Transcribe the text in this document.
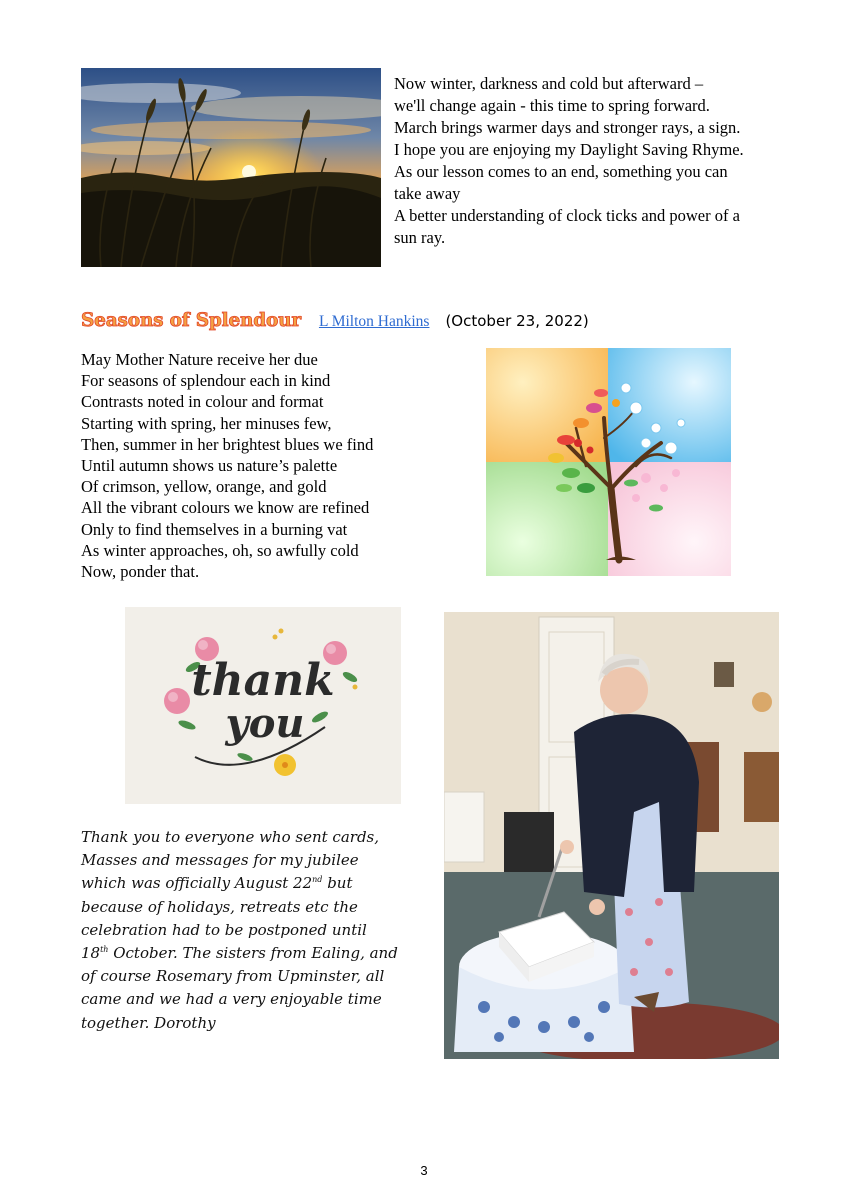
Now winter, darkness and cold but afterward –
we'll change again - this time to spring forward.
March brings warmer days and stronger rays, a sign.
I hope you are enjoying my Daylight Saving Rhyme.
As our lesson comes to an end, something you can
take away
A better understanding of clock ticks and power of a
sun ray.
Seasons of Splendour L Milton Hankins (October 23, 2022)
May Mother Nature receive her due
For seasons of splendour each in kind
Contrasts noted in colour and format
Starting with spring, her minuses few,
Then, summer in her brightest blues we find
Until autumn shows us nature’s palette
Of crimson, yellow, orange, and gold
All the vibrant colours we know are refined
Only to find themselves in a burning vat
As winter approaches, oh, so awfully cold
Now, ponder that.
thank
you
Thank you to everyone who sent cards,
Masses and messages for my jubilee
which was officially August 22nd but
because of holidays, retreats etc the
celebration had to be postponed until
18th October. The sisters from Ealing, and
of course Rosemary from Upminster, all
came and we had a very enjoyable time
together. Dorothy
3
